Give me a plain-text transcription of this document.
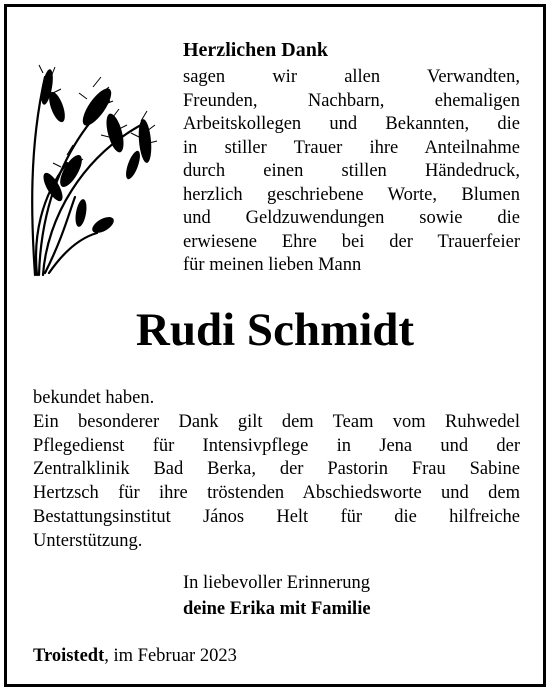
Herzlichen Dank
sagen wir allen Verwandten,
Freunden, Nachbarn, ehemaligen
Arbeitskollegen und Bekannten, die
in stiller Trauer ihre Anteilnahme
durch einen stillen Händedruck,
herzlich geschriebene Worte, Blumen
und Geldzuwendungen sowie die
erwiesene Ehre bei der Trauerfeier
für meinen lieben Mann
Rudi Schmidt
bekundet haben.
Ein besonderer Dank gilt dem Team vom Ruhwedel
Pflegedienst für Intensivpflege in Jena und der
Zentralklinik Bad Berka, der Pastorin Frau Sabine
Hertzsch für ihre tröstenden Abschiedsworte und dem
Bestattungsinstitut János Helt für die hilfreiche
Unterstützung.
In liebevoller Erinnerung
deine Erika mit Familie
Troistedt, im Februar 2023
